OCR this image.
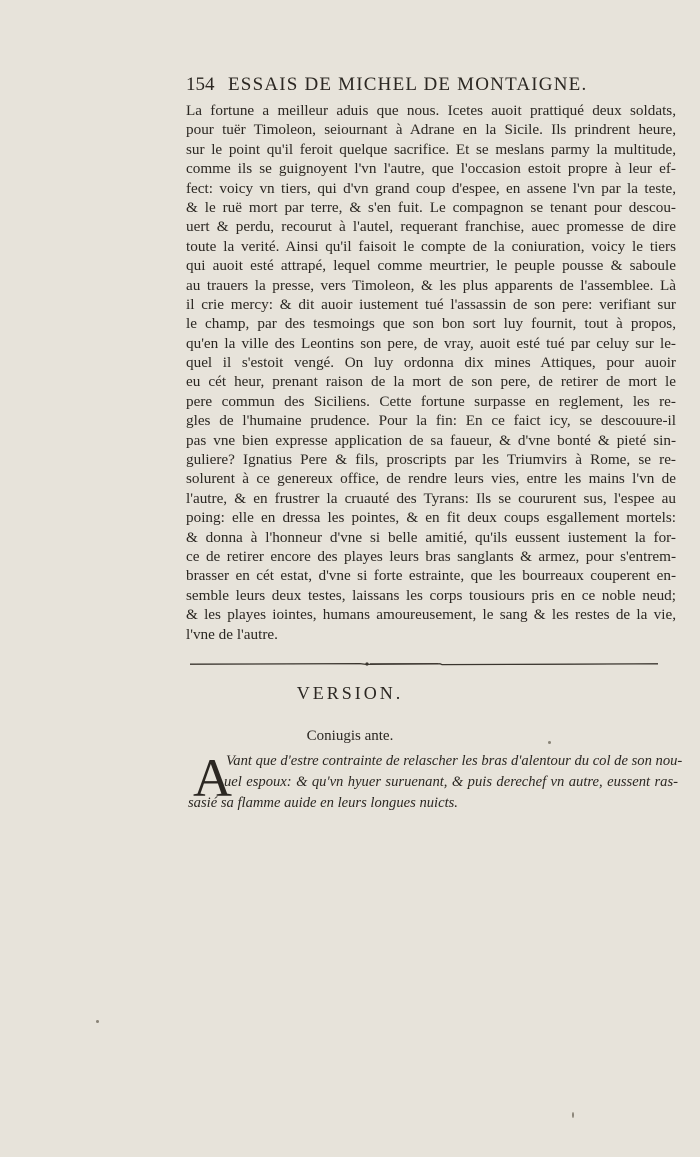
154 ESSAIS DE MICHEL DE MONTAIGNE.
La fortune a meilleur aduis que nous. Icetes auoit prattiqué deux soldats,
pour tuër Timoleon, seiournant à Adrane en la Sicile. Ils prindrent heure,
sur le point qu'il feroit quelque sacrifice. Et se meslans parmy la multitude,
comme ils se guignoyent l'vn l'autre, que l'occasion estoit propre à leur ef-
fect: voicy vn tiers, qui d'vn grand coup d'espee, en assene l'vn par la teste,
& le ruë mort par terre, & s'en fuit. Le compagnon se tenant pour descou-
uert & perdu, recourut à l'autel, requerant franchise, auec promesse de dire
toute la verité. Ainsi qu'il faisoit le compte de la coniuration, voicy le tiers
qui auoit esté attrapé, lequel comme meurtrier, le peuple pousse & saboule
au trauers la presse, vers Timoleon, & les plus apparents de l'assemblee. Là
il crie mercy: & dit auoir iustement tué l'assassin de son pere: verifiant sur
le champ, par des tesmoings que son bon sort luy fournit, tout à propos,
qu'en la ville des Leontins son pere, de vray, auoit esté tué par celuy sur le-
quel il s'estoit vengé. On luy ordonna dix mines Attiques, pour auoir
eu cét heur, prenant raison de la mort de son pere, de retirer de mort le
pere commun des Siciliens. Cette fortune surpasse en reglement, les re-
gles de l'humaine prudence. Pour la fin: En ce faict icy, se descouure-il
pas vne bien expresse application de sa faueur, & d'vne bonté & pieté sin-
guliere? Ignatius Pere & fils, proscripts par les Triumvirs à Rome, se re-
solurent à ce genereux office, de rendre leurs vies, entre les mains l'vn de
l'autre, & en frustrer la cruauté des Tyrans: Ils se coururent sus, l'espee au
poing: elle en dressa les pointes, & en fit deux coups esgallement mortels:
& donna à l'honneur d'vne si belle amitié, qu'ils eussent iustement la for-
ce de retirer encore des playes leurs bras sanglants & armez, pour s'entrem-
brasser en cét estat, d'vne si forte estrainte, que les bourreaux couperent en-
semble leurs deux testes, laissans les corps tousiours pris en ce noble neud;
& les playes iointes, humans amoureusement, le sang & les restes de la vie,
l'vne de l'autre.
VERSION.
Coniugis ante.
A
Vant que d'estre contrainte de relascher les bras d'alentour du col de son nou-
uel espoux: & qu'vn hyuer suruenant, & puis derechef vn autre, eussent ras-
sasié sa flamme auide en leurs longues nuicts.
